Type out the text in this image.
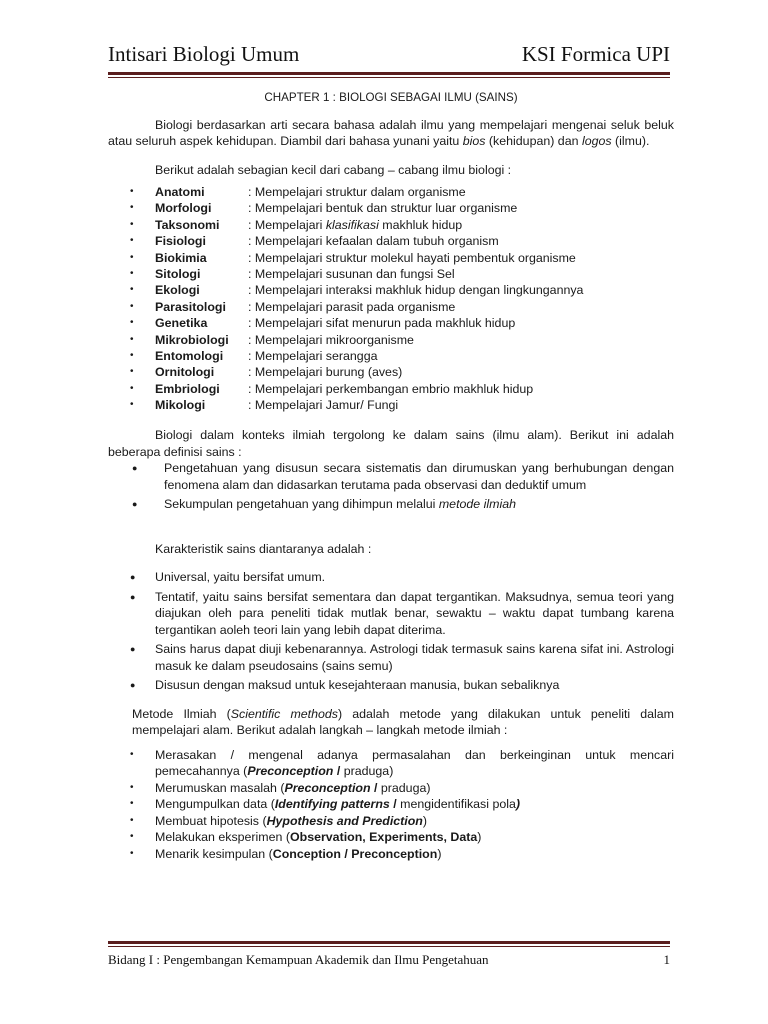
Intisari Biologi Umum	KSI Formica UPI

CHAPTER 1 : BIOLOGI SEBAGAI ILMU (SAINS)

Biologi berdasarkan arti secara bahasa adalah ilmu yang mempelajari mengenai seluk beluk atau seluruh aspek kehidupan. Diambil dari bahasa yunani yaitu bios (kehidupan) dan logos (ilmu).

Berikut adalah sebagian kecil dari cabang – cabang ilmu biologi :

• Anatomi	: Mempelajari struktur dalam organisme
• Morfologi	: Mempelajari bentuk dan struktur luar organisme
• Taksonomi : Mempelajari klasifikasi makhluk hidup
• Fisiologi	: Mempelajari kefaalan dalam tubuh organism
• Biokimia	: Mempelajari struktur molekul hayati pembentuk organisme
• Sitologi	: Mempelajari susunan dan fungsi Sel
• Ekologi	: Mempelajari interaksi makhluk hidup dengan lingkungannya
• Parasitologi : Mempelajari parasit pada organisme
• Genetika	: Mempelajari sifat menurun pada makhluk hidup
• Mikrobiologi : Mempelajari mikroorganisme
• Entomologi : Mempelajari serangga
• Ornitologi	: Mempelajari burung (aves)
• Embriologi : Mempelajari perkembangan embrio makhluk hidup
• Mikologi	: Mempelajari Jamur/ Fungi

Biologi dalam konteks ilmiah tergolong ke dalam sains (ilmu alam). Berikut ini adalah beberapa definisi sains :

● Pengetahuan yang disusun secara sistematis dan dirumuskan yang berhubungan dengan fenomena alam dan didasarkan terutama pada observasi dan deduktif umum
● Sekumpulan pengetahuan yang dihimpun melalui metode ilmiah

Karakteristik sains diantaranya adalah :

● Universal, yaitu bersifat umum.
● Tentatif, yaitu sains bersifat sementara dan dapat tergantikan. Maksudnya, semua teori yang diajukan oleh para peneliti tidak mutlak benar, sewaktu – waktu dapat tumbang karena tergantikan aoleh teori lain yang lebih dapat diterima.
● Sains harus dapat diuji kebenarannya. Astrologi tidak termasuk sains karena sifat ini. Astrologi masuk ke dalam pseudosains (sains semu)
● Disusun dengan maksud untuk kesejahteraan manusia, bukan sebaliknya

Metode Ilmiah (Scientific methods) adalah metode yang dilakukan untuk peneliti dalam mempelajari alam. Berikut adalah langkah – langkah metode ilmiah :

• Merasakan / mengenal adanya permasalahan dan berkeinginan untuk mencari pemecahannya (Preconception / praduga)
• Merumuskan masalah (Preconception / praduga)
• Mengumpulkan data (Identifying patterns / mengidentifikasi pola)
• Membuat hipotesis (Hypothesis and Prediction)
• Melakukan eksperimen (Observation, Experiments, Data)
• Menarik kesimpulan (Conception / Preconception)
Bidang I : Pengembangan Kemampuan Akademik dan Ilmu Pengetahuan	1
